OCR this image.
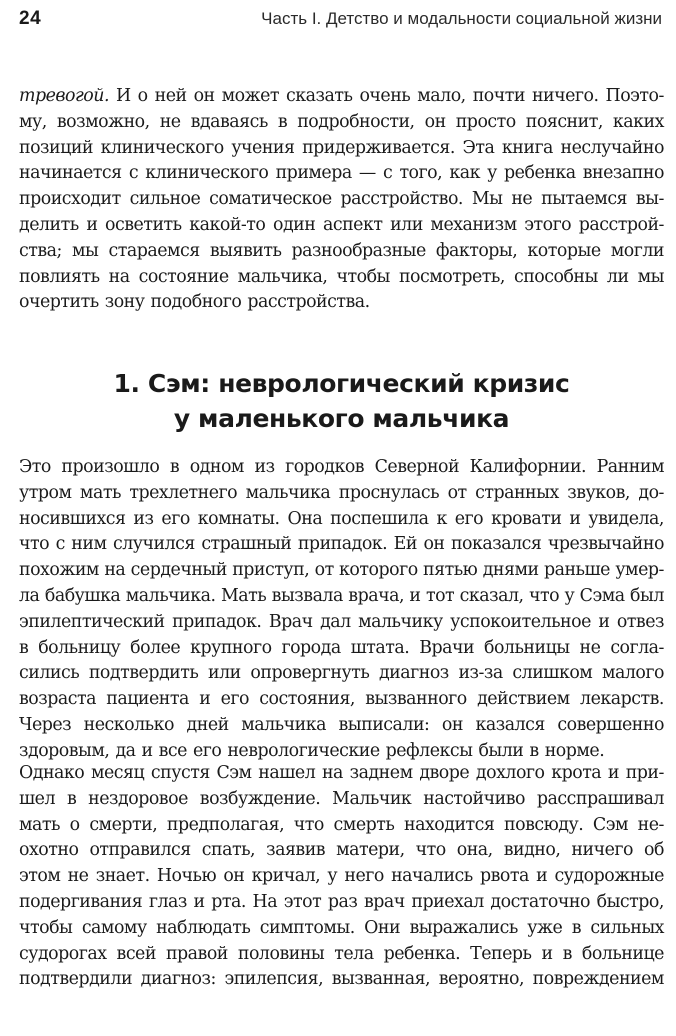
24	Часть I. Детство и модальности социальной жизни
тревогой. И о ней он может сказать очень мало, почти ничего. Поэто-
му, возможно, не вдаваясь в подробности, он просто пояснит, каких
позиций клинического учения придерживается. Эта книга неслучайно
начинается с клинического примера — с того, как у ребенка внезапно
происходит сильное соматическое расстройство. Мы не пытаемся вы-
делить и осветить какой-то один аспект или механизм этого расстрой-
ства; мы стараемся выявить разнообразные факторы, которые могли
повлиять на состояние мальчика, чтобы посмотреть, способны ли мы
очертить зону подобного расстройства.
1. Сэм: неврологический кризис
у маленького мальчика
Это произошло в одном из городков Северной Калифорнии. Ранним
утром мать трехлетнего мальчика проснулась от странных звуков, до-
носившихся из его комнаты. Она поспешила к его кровати и увидела,
что с ним случился страшный припадок. Ей он показался чрезвычайно
похожим на сердечный приступ, от которого пятью днями раньше умер-
ла бабушка мальчика. Мать вызвала врача, и тот сказал, что у Сэма был
эпилептический припадок. Врач дал мальчику успокоительное и отвез
в больницу более крупного города штата. Врачи больницы не согла-
сились подтвердить или опровергнуть диагноз из-за слишком малого
возраста пациента и его состояния, вызванного действием лекарств.
Через несколько дней мальчика выписали: он казался совершенно
здоровым, да и все его неврологические рефлексы были в норме.
Однако месяц спустя Сэм нашел на заднем дворе дохлого крота и при-
шел в нездоровое возбуждение. Мальчик настойчиво расспрашивал
мать о смерти, предполагая, что смерть находится повсюду. Сэм не-
охотно отправился спать, заявив матери, что она, видно, ничего об
этом не знает. Ночью он кричал, у него начались рвота и судорожные
подергивания глаз и рта. На этот раз врач приехал достаточно быстро,
чтобы самому наблюдать симптомы. Они выражались уже в сильных
судорогах всей правой половины тела ребенка. Теперь и в больнице
подтвердили диагноз: эпилепсия, вызванная, вероятно, повреждением
